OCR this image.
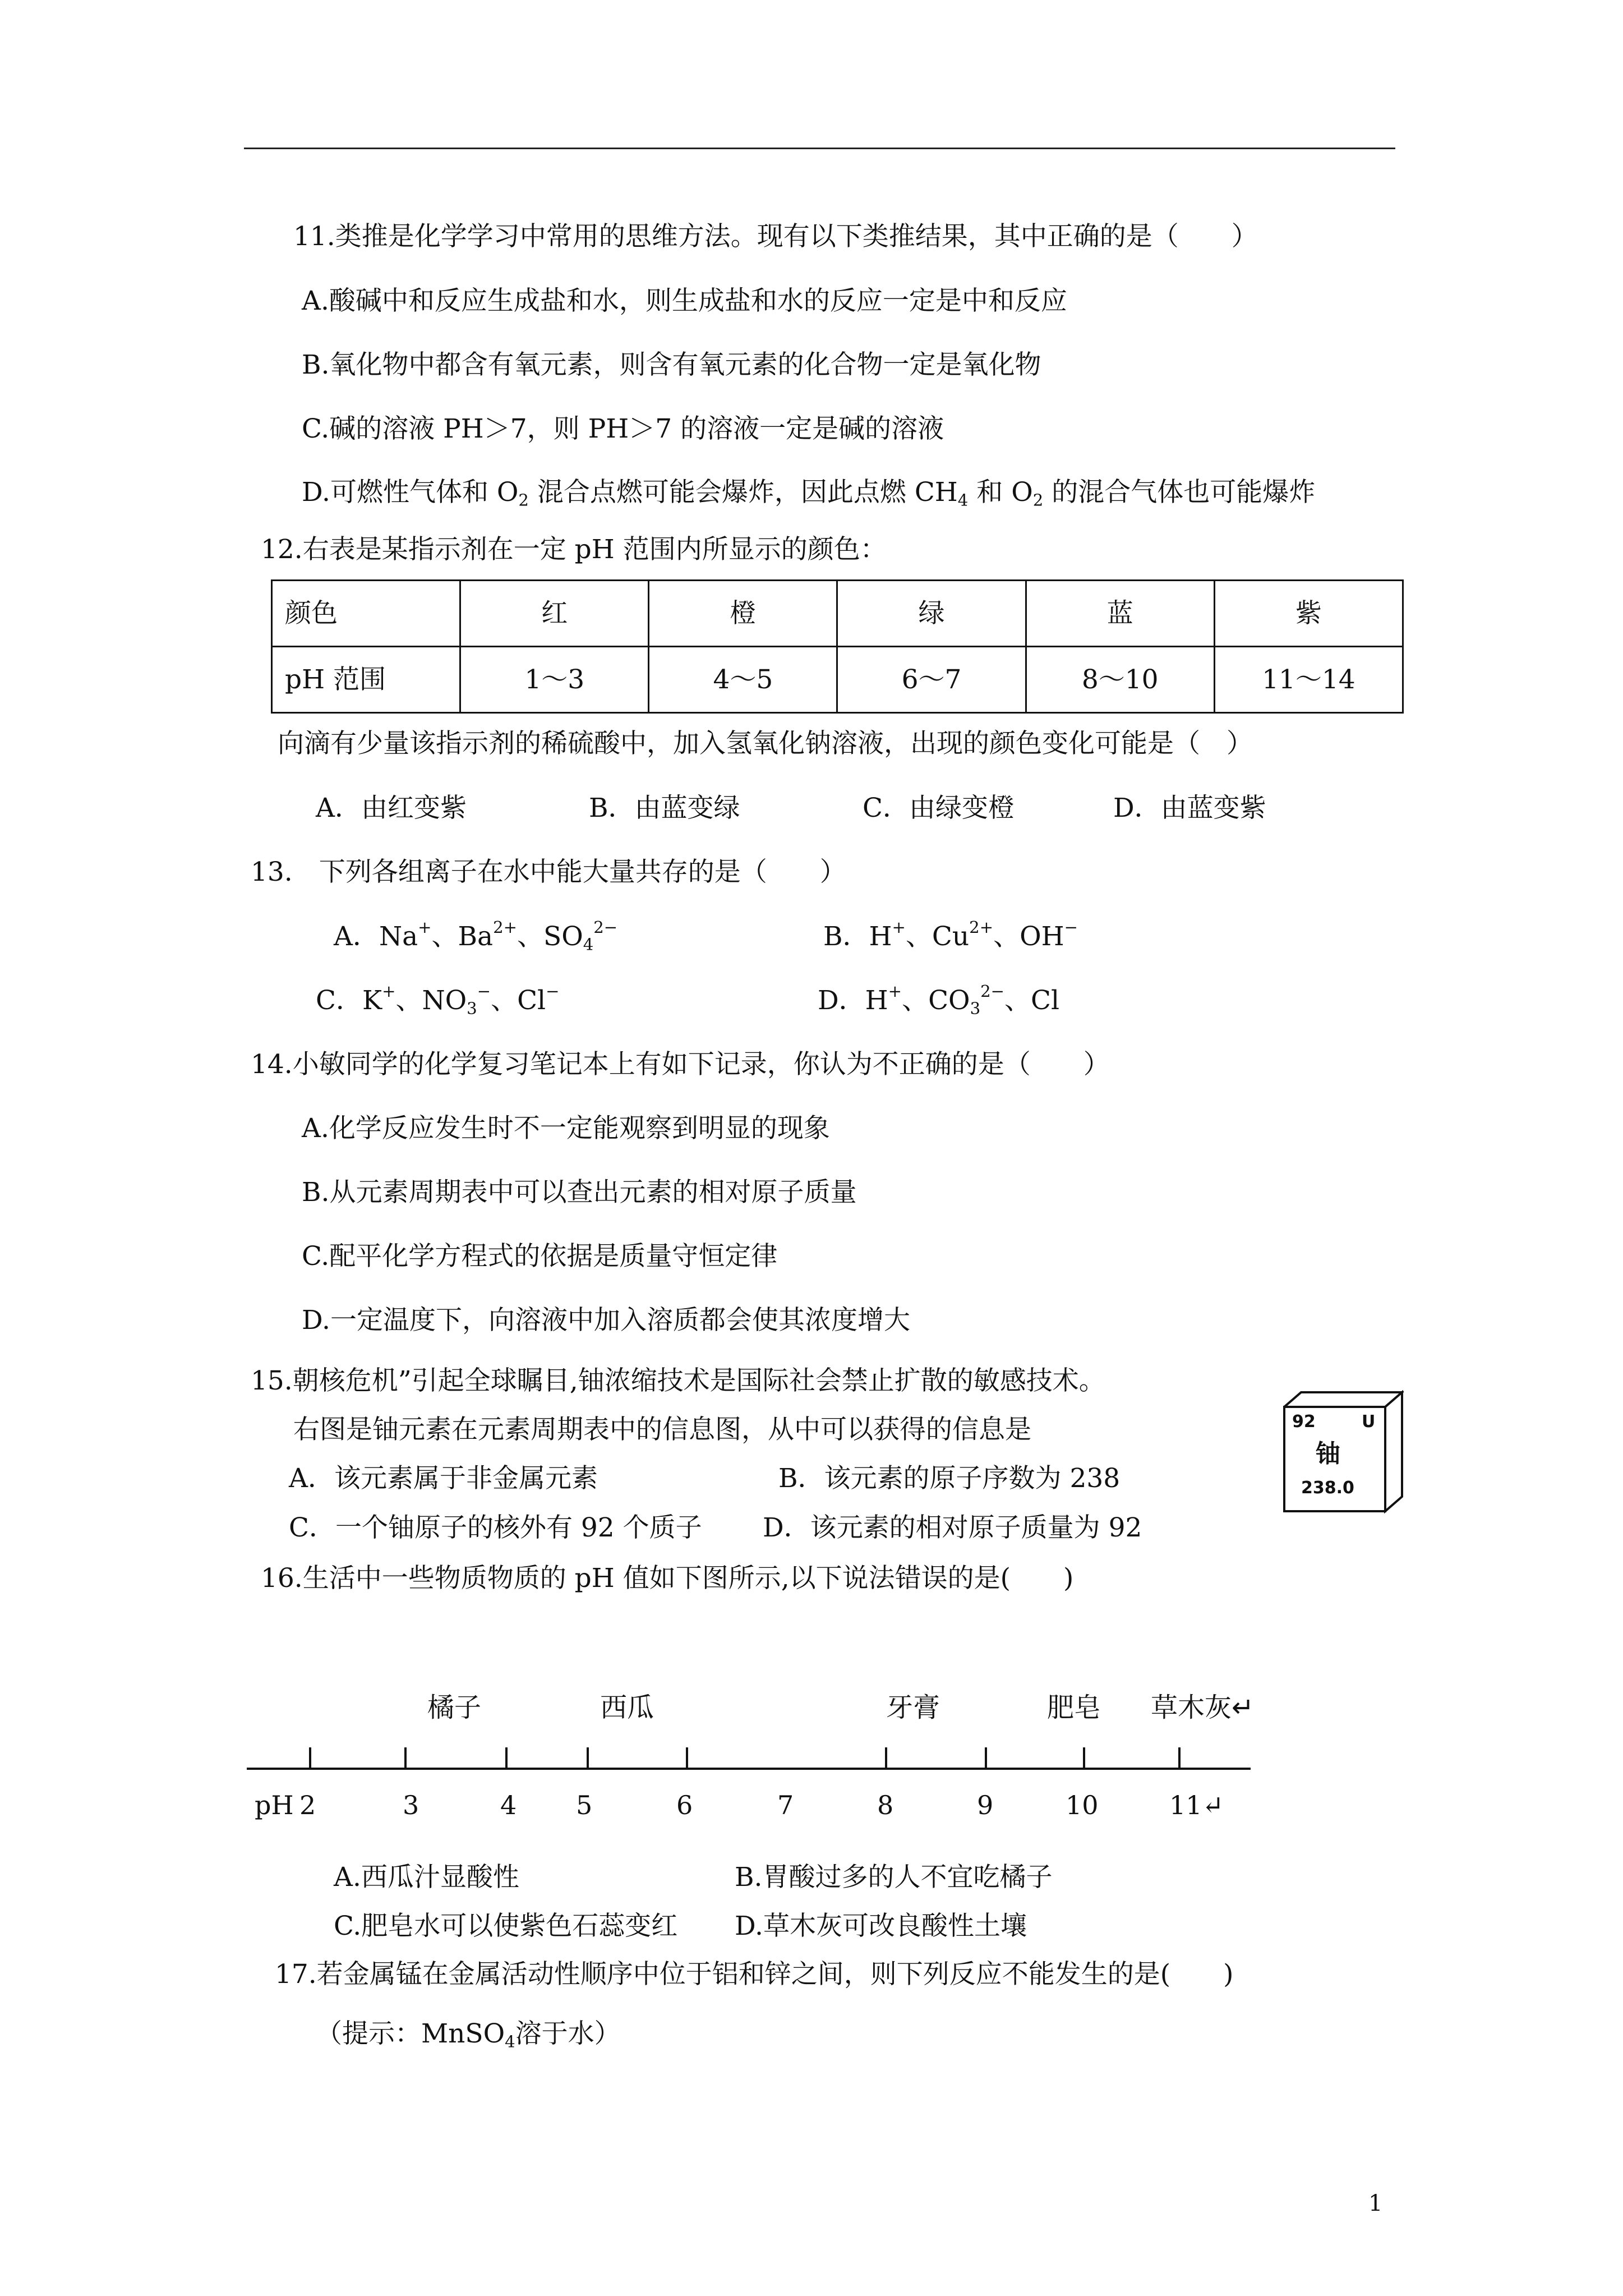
11.类推是化学学习中常用的思维方法。现有以下类推结果，其中正确的是（　　）
A.酸碱中和反应生成盐和水，则生成盐和水的反应一定是中和反应
B.氧化物中都含有氧元素，则含有氧元素的化合物一定是氧化物
C.碱的溶液 PH＞7，则 PH＞7 的溶液一定是碱的溶液
D.可燃性气体和 $O_2$ 混合点燃可能会爆炸，因此点燃 $CH_4$ 和 $O_2$ 的混合气体也可能爆炸
12.右表是某指示剂在一定 pH 范围内所显示的颜色：
颜色	红	橙	绿	蓝	紫
pH 范围	1～3	4～5	6～7	8～10	11～14
向滴有少量该指示剂的稀硫酸中，加入氢氧化钠溶液，出现的颜色变化可能是（　）
A．由红变紫	B．由蓝变绿	C．由绿变橙	D．由蓝变紫
13.　下列各组离子在水中能大量共存的是（　　）
A．Na+、$Ba^{2+}$、$SO_4^{2-}$	B．H+、$Cu^{2+}$、OH−
C．K+、$NO_3^-$、Cl−	D．H+、$CO_3^{2-}$、Cl
14.小敏同学的化学复习笔记本上有如下记录，你认为不正确的是（　　）
A.化学反应发生时不一定能观察到明显的现象
B.从元素周期表中可以查出元素的相对原子质量
C.配平化学方程式的依据是质量守恒定律
D.一定温度下，向溶液中加入溶质都会使其浓度增大
15.朝核危机”引起全球瞩目,铀浓缩技术是国际社会禁止扩散的敏感技术。
右图是铀元素在元素周期表中的信息图，从中可以获得的信息是
A．该元素属于非金属元素	B．该元素的原子序数为 238
C．一个铀原子的核外有 92 个质子 D．该元素的相对原子质量为 92
92	U
铀
238.0
16.生活中一些物质物质的 pH 值如下图所示,以下说法错误的是(　　)
橘子	西瓜	牙膏	肥皂 草木灰↵
pH 2	3	4 5	6	7	8	9	10	11↵
A.西瓜汁显酸性	B.胃酸过多的人不宜吃橘子
C.肥皂水可以使紫色石蕊变红 D.草木灰可改良酸性土壤
17.若金属锰在金属活动性顺序中位于铝和锌之间，则下列反应不能发生的是(　　)
（提示：MnSO$_4$溶于水）
1
